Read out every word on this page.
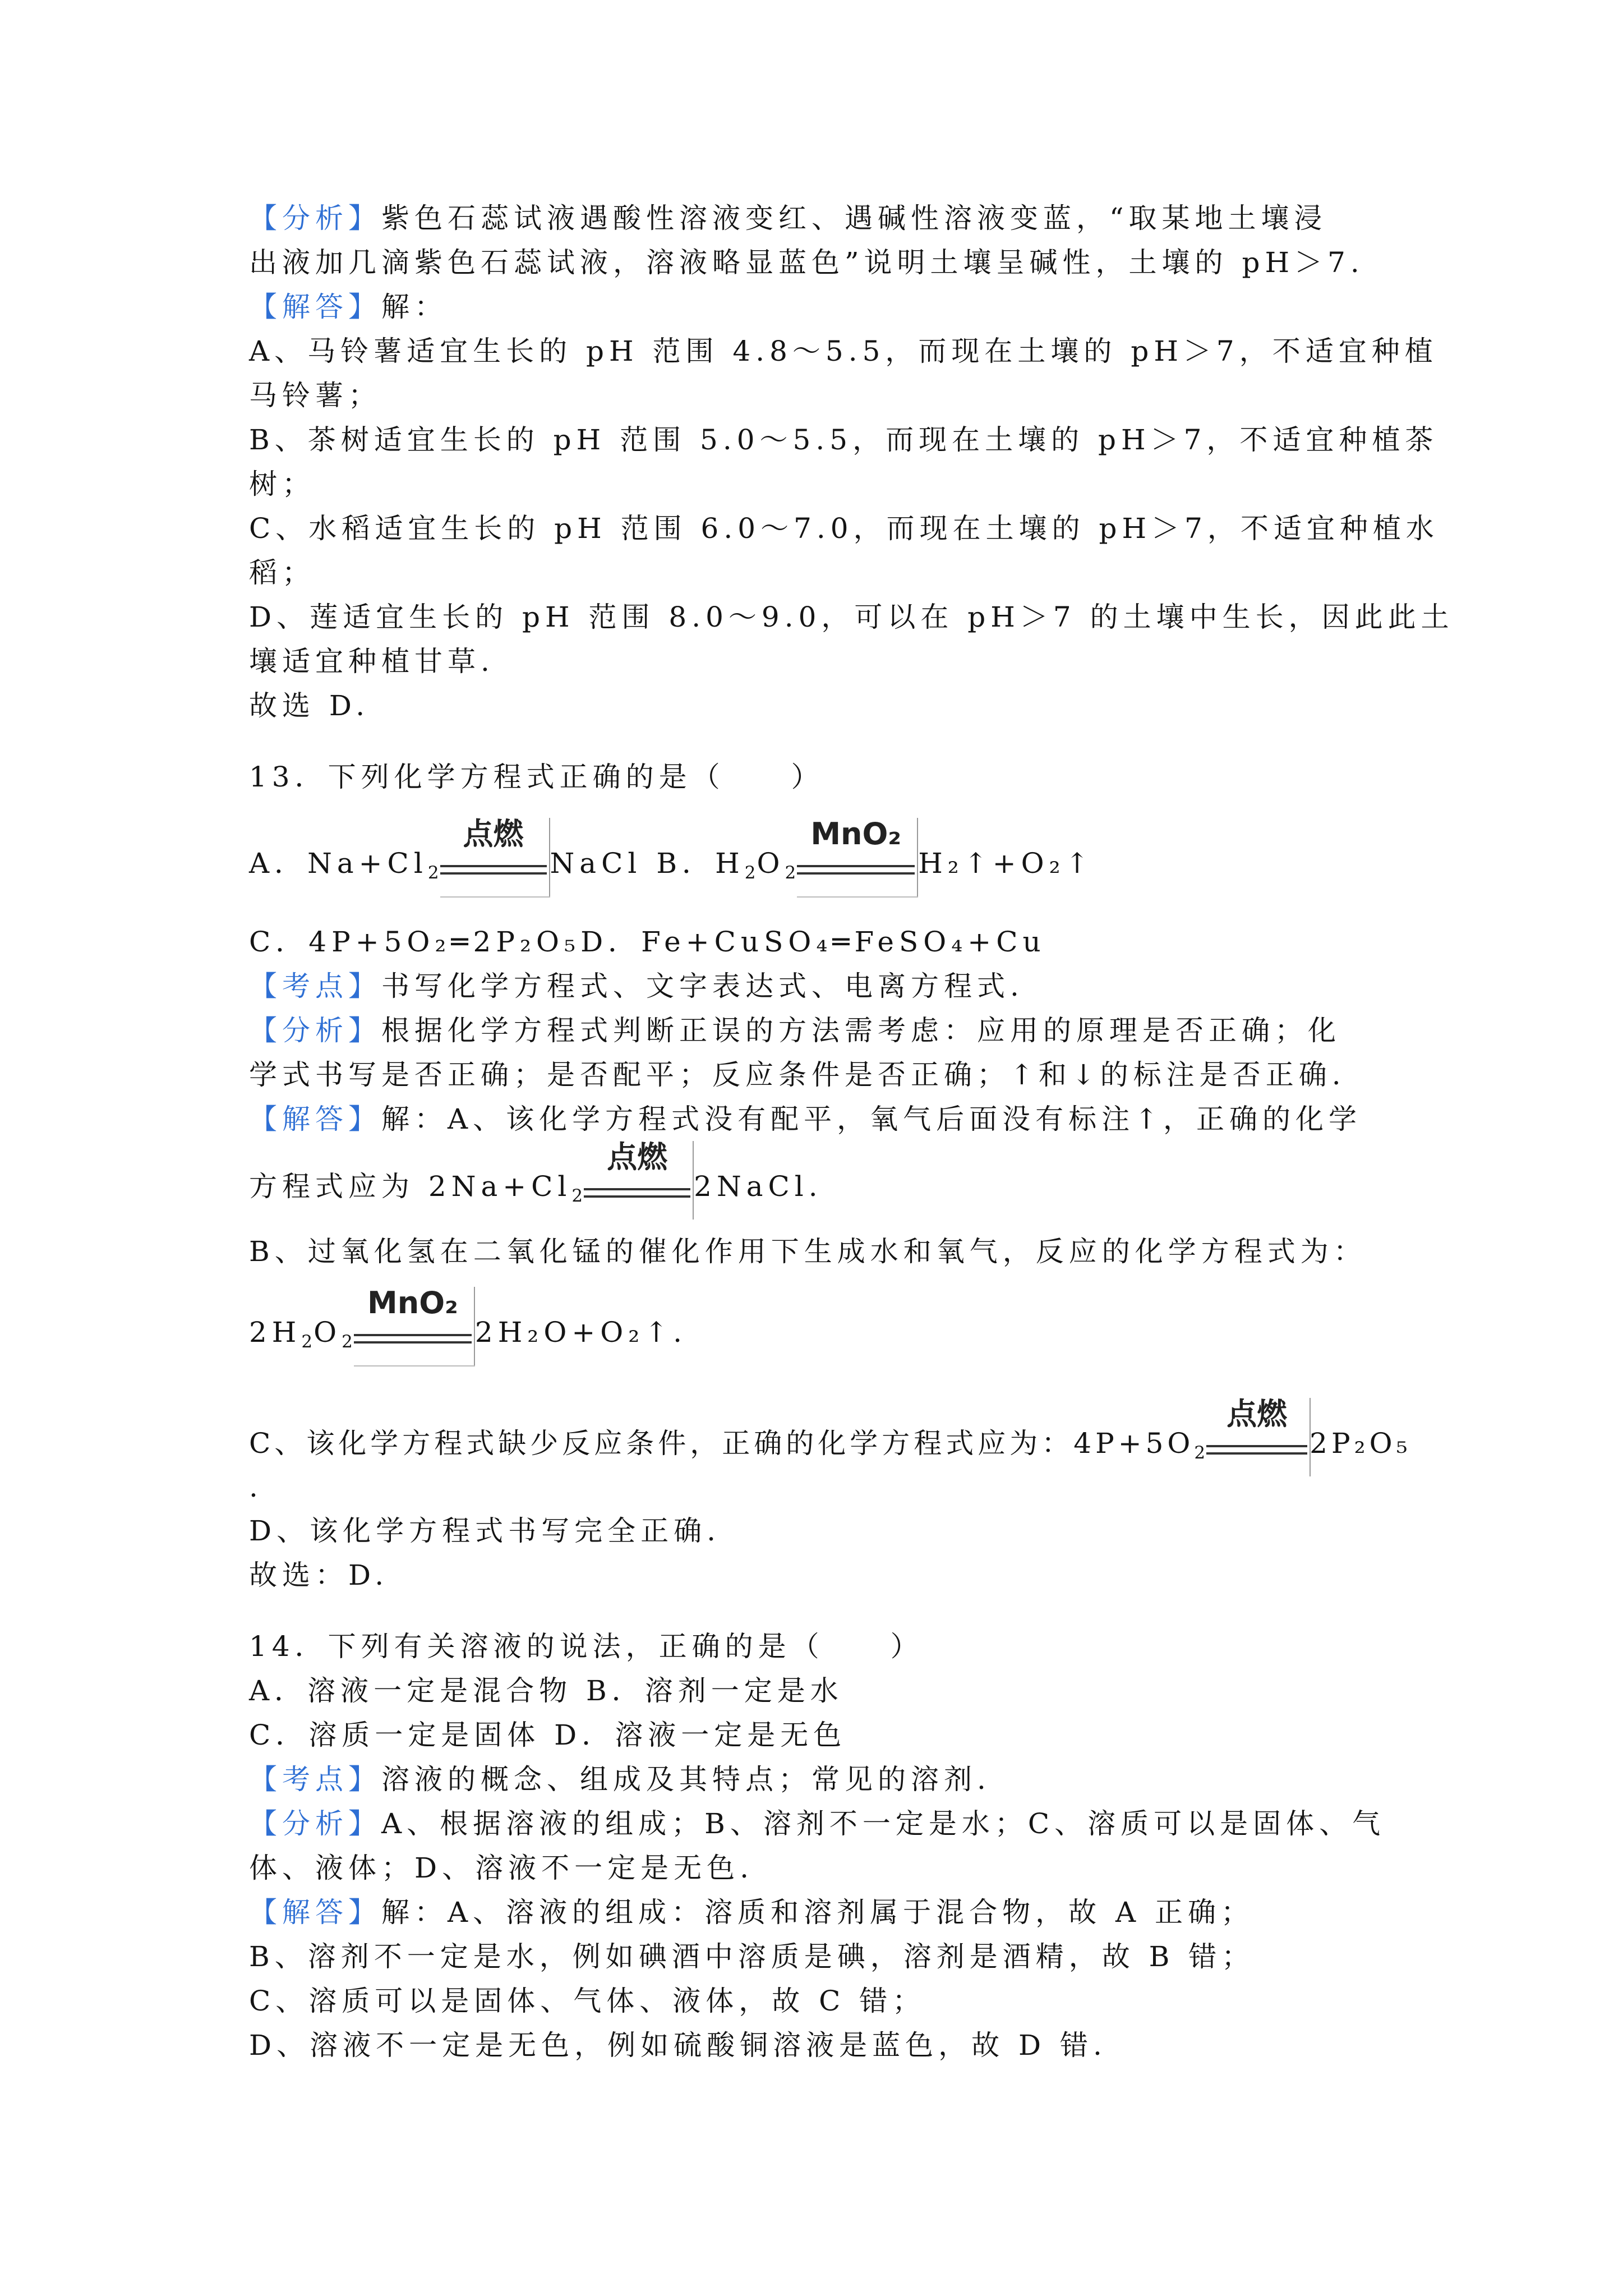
【分析】紫色石蕊试液遇酸性溶液变红、遇碱性溶液变蓝，“取某地土壤浸
出液加几滴紫色石蕊试液，溶液略显蓝色”说明土壤呈碱性，土壤的 pH＞7.
【解答】解：
A、马铃薯适宜生长的 pH 范围 4.8～5.5，而现在土壤的 pH＞7，不适宜种植
马铃薯；
B、茶树适宜生长的 pH 范围 5.0～5.5，而现在土壤的 pH＞7，不适宜种植茶
树；
C、水稻适宜生长的 pH 范围 6.0～7.0，而现在土壤的 pH＞7，不适宜种植水
稻；
D、莲适宜生长的 pH 范围 8.0～9.0，可以在 pH＞7 的土壤中生长，因此此土
壤适宜种植甘草.
故选 D.
13．下列化学方程式正确的是（　　）
A．$Na+Cl_2$
点燃
NaCl B．$H_2O_2$
MnO₂
H₂↑+O₂↑
C．4P+5O₂═2P₂O₅D．Fe+CuSO₄═FeSO₄+Cu
【考点】书写化学方程式、文字表达式、电离方程式.
【分析】根据化学方程式判断正误的方法需考虑：应用的原理是否正确；化
学式书写是否正确；是否配平；反应条件是否正确；↑和↓的标注是否正确.
【解答】解：A、该化学方程式没有配平，氧气后面没有标注↑，正确的化学
方程式应为 $2Na+Cl_2$
点燃
2NaCl.
B、过氧化氢在二氧化锰的催化作用下生成水和氧气，反应的化学方程式为：
$2H_2O_2$
MnO₂
2H₂O+O₂↑.
C、该化学方程式缺少反应条件，正确的化学方程式应为：$4P+5O_2$
点燃
2P₂O₅
.
D、该化学方程式书写完全正确.
故选：D.
14．下列有关溶液的说法，正确的是（　　）
A．溶液一定是混合物 B．溶剂一定是水
C．溶质一定是固体 D．溶液一定是无色
【考点】溶液的概念、组成及其特点；常见的溶剂.
【分析】A、根据溶液的组成；B、溶剂不一定是水；C、溶质可以是固体、气
体、液体；D、溶液不一定是无色.
【解答】解：A、溶液的组成：溶质和溶剂属于混合物，故 A 正确；
B、溶剂不一定是水，例如碘酒中溶质是碘，溶剂是酒精，故 B 错；
C、溶质可以是固体、气体、液体，故 C 错；
D、溶液不一定是无色，例如硫酸铜溶液是蓝色，故 D 错.
